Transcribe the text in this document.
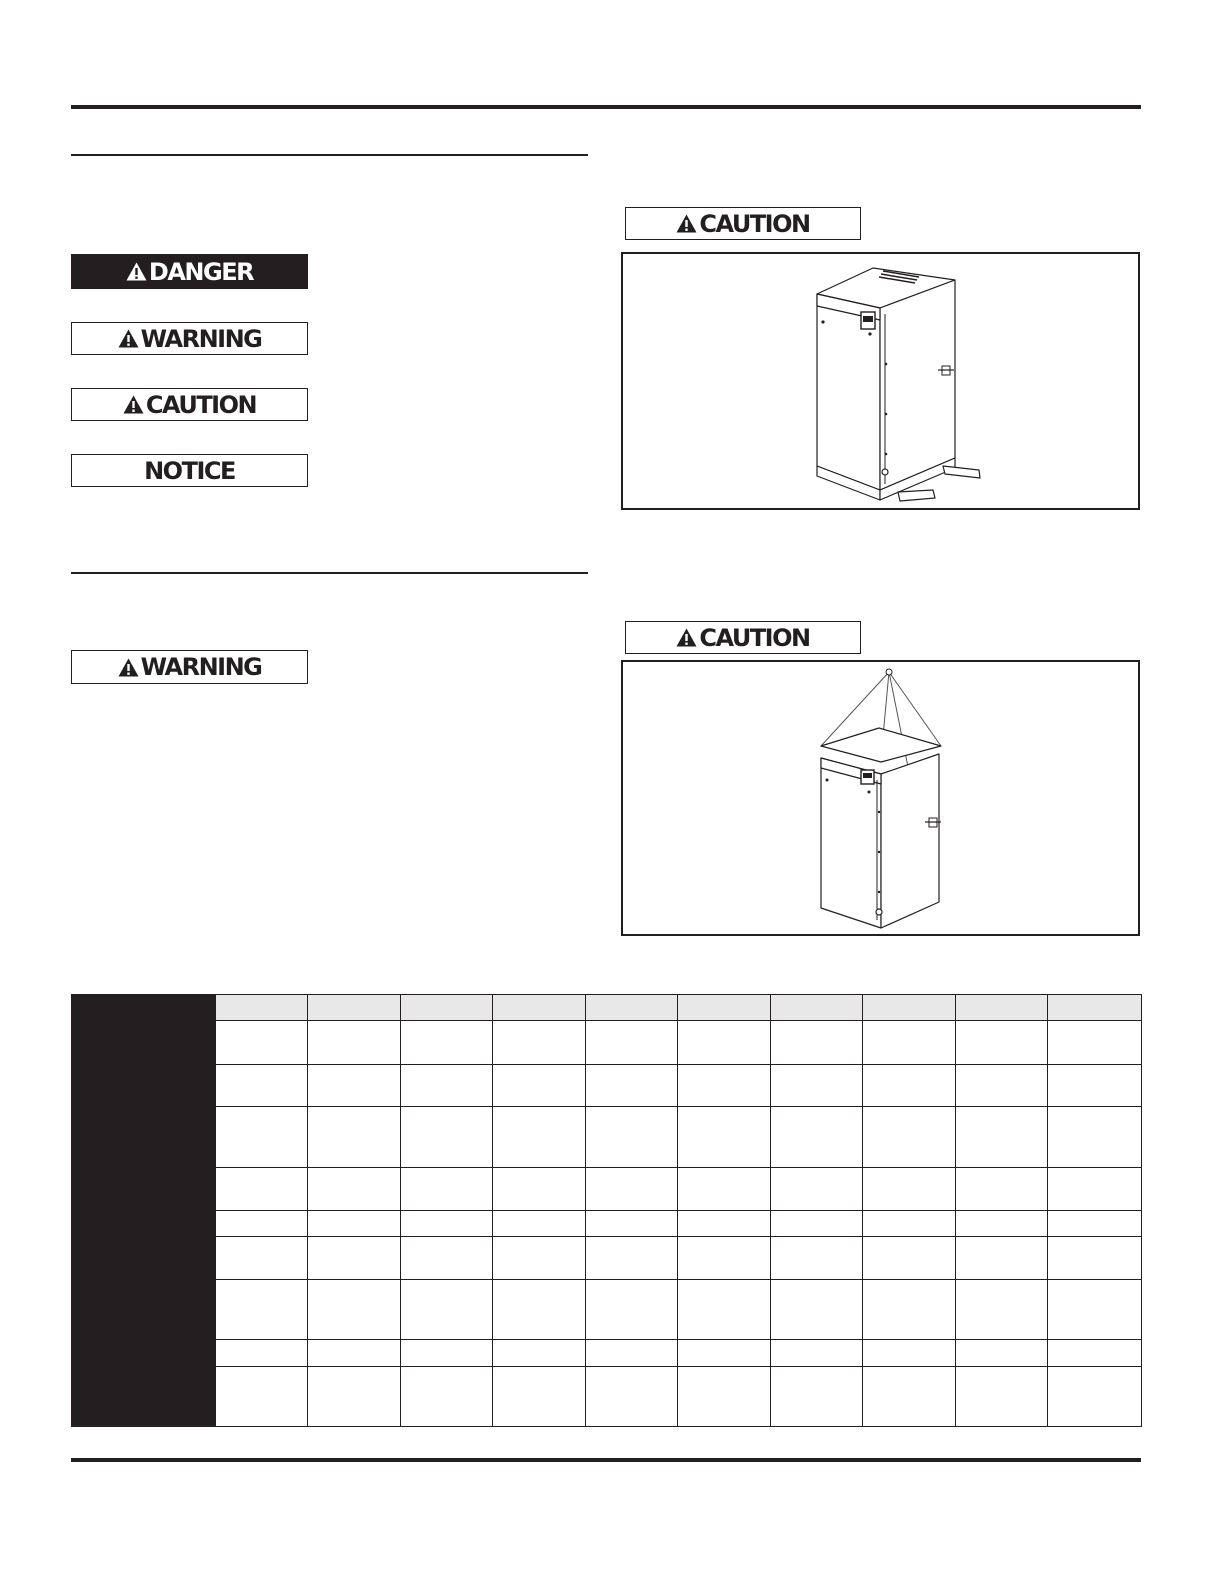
DANGER
WARNING
CAUTION
NOTICE
WARNING
CAUTION
CAUTION
